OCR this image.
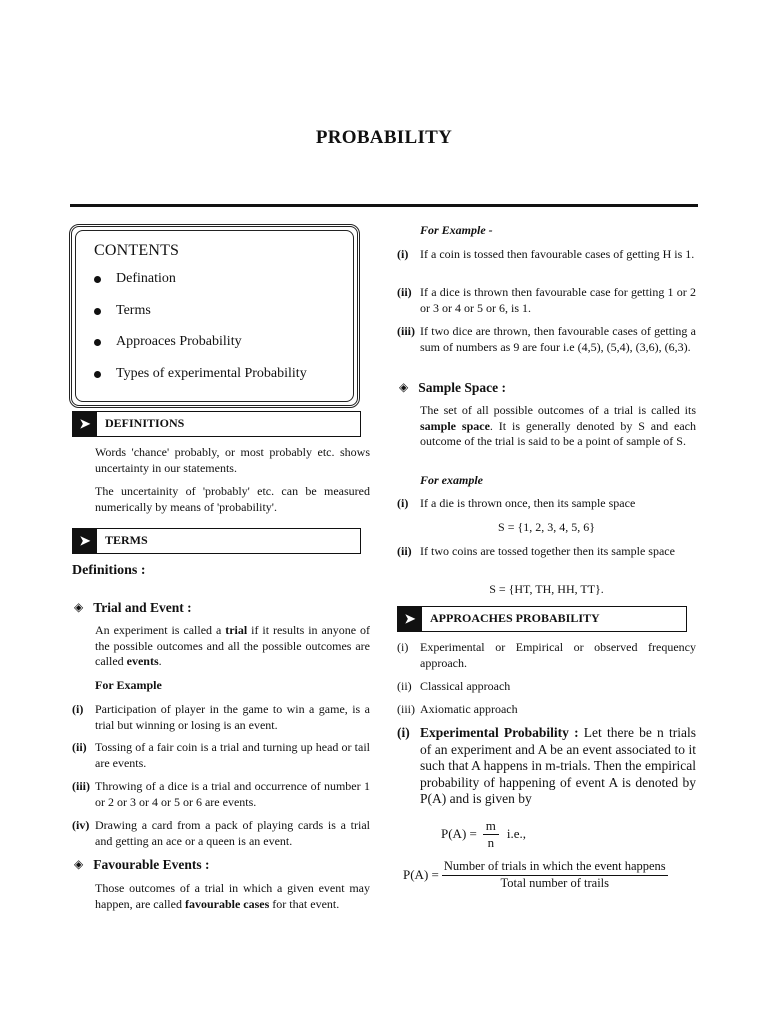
PROBABILITY
CONTENTS
Defination
Terms
Approaces Probability
Types of experimental Probability
➤	DEFINITIONS
Words 'chance' probably, or most probably etc. shows uncertainty in our statements.
The uncertainity of 'probably' etc. can be measured numerically by means of 'probability'.
➤	TERMS
Definitions :
◈ Trial and Event :
An experiment is called a trial if it results in anyone of the possible outcomes and all the possible outcomes are called events.
For Example
(i) Participation of player in the game to win a game, is a trial but winning or losing is an event.
(ii) Tossing of a fair coin is a trial and turning up head or tail are events.
(iii) Throwing of a dice is a trial and occurrence of number 1 or 2 or 3 or 4 or 5 or 6 are events.
(iv) Drawing a card from a pack of playing cards is a trial and getting an ace or a queen is an event.
◈ Favourable Events :
Those outcomes of a trial in which a given event may happen, are called favourable cases for that event.
For Example -
(i) If a coin is tossed then favourable cases of getting H is 1.
(ii) If a dice is thrown then favourable case for getting 1 or 2 or 3 or 4 or 5 or 6, is 1.
(iii) If two dice are thrown, then favourable cases of getting a sum of numbers as 9 are four i.e (4,5), (5,4), (3,6), (6,3).
◈ Sample Space :
The set of all possible outcomes of a trial is called its sample space. It is generally denoted by S and each outcome of the trial is said to be a point of sample of S.
For example
(i) If a die is thrown once, then its sample space
S = {1, 2, 3, 4, 5, 6}
(ii) If two coins are tossed together then its sample space
S = {HT, TH, HH, TT}.
➤	APPROACHES PROBABILITY
(i) Experimental or Empirical or observed frequency approach.
(ii) Classical approach
(iii) Axiomatic approach
(i) Experimental Probability : Let there be n trials of an experiment and A be an event associated to it such that A happens in m-trials. Then the empirical probability of happening of event A is denoted by P(A) and is given by
$P(A) = \frac{m}{n} i.e$.,
$P(A) = \frac{\text{Number of trials in which the event happens}}{\text{Total number of trails}}$
